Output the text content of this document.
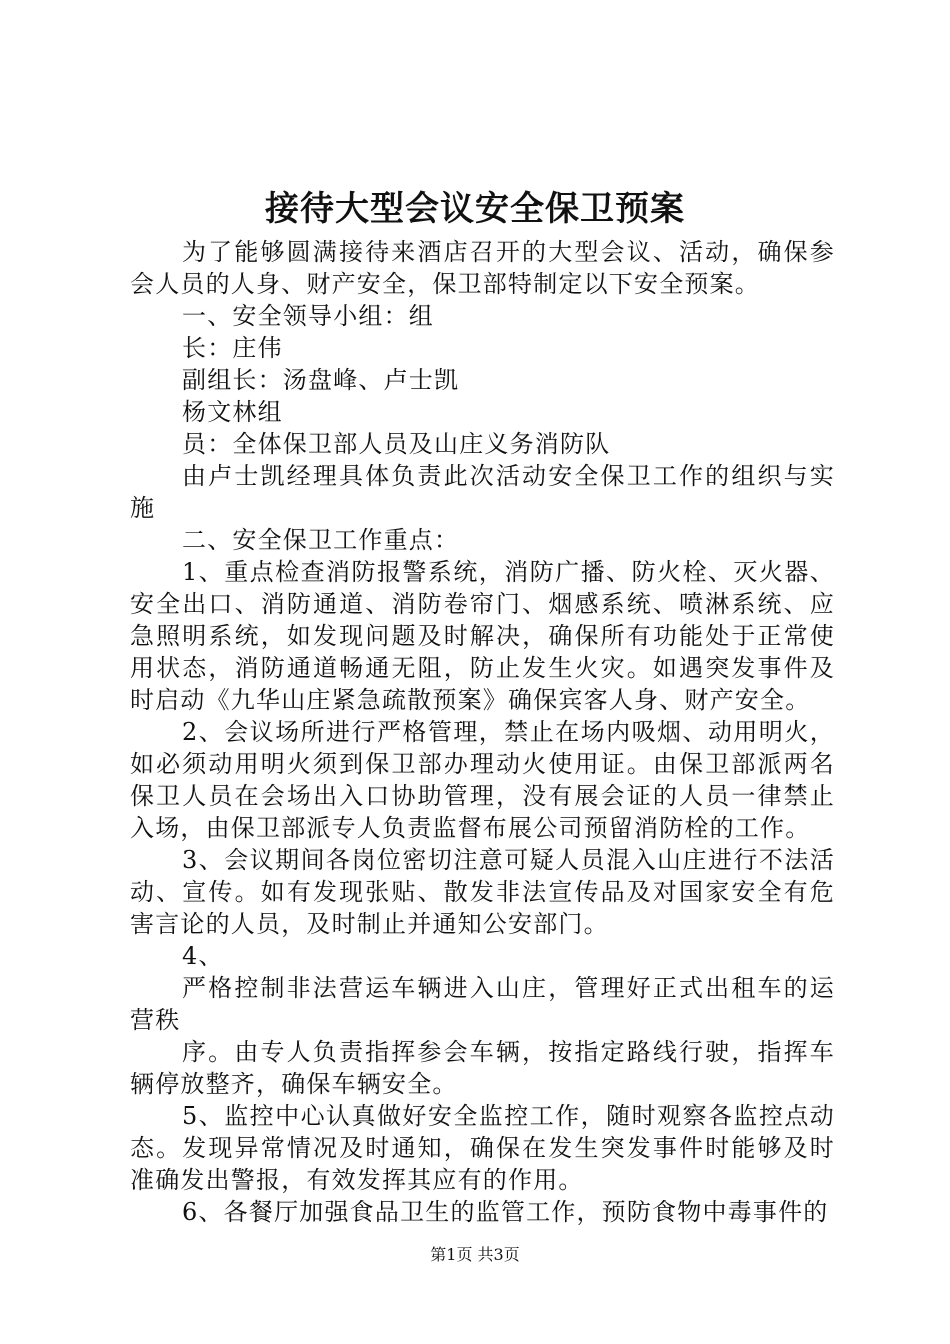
接待大型会议安全保卫预案

为了能够圆满接待来酒店召开的大型会议、活动，确保参会人员的人身、财产安全，保卫部特制定以下安全预案。

一、安全领导小组：组

长：庄伟

副组长：汤盘峰、卢士凯

杨文林组

员：全体保卫部人员及山庄义务消防队

由卢士凯经理具体负责此次活动安全保卫工作的组织与实施

二、安全保卫工作重点：

1、重点检查消防报警系统，消防广播、防火栓、灭火器、安全出口、消防通道、消防卷帘门、烟感系统、喷淋系统、应急照明系统，如发现问题及时解决，确保所有功能处于正常使用状态，消防通道畅通无阻，防止发生火灾。如遇突发事件及时启动《九华山庄紧急疏散预案》确保宾客人身、财产安全。

2、会议场所进行严格管理，禁止在场内吸烟、动用明火，如必须动用明火须到保卫部办理动火使用证。由保卫部派两名保卫人员在会场出入口协助管理，没有展会证的人员一律禁止入场，由保卫部派专人负责监督布展公司预留消防栓的工作。

3、会议期间各岗位密切注意可疑人员混入山庄进行不法活动、宣传。如有发现张贴、散发非法宣传品及对国家安全有危害言论的人员，及时制止并通知公安部门。

4、

严格控制非法营运车辆进入山庄，管理好正式出租车的运营秩

序。由专人负责指挥参会车辆，按指定路线行驶，指挥车辆停放整齐，确保车辆安全。

5、监控中心认真做好安全监控工作，随时观察各监控点动态。发现异常情况及时通知，确保在发生突发事件时能够及时准确发出警报，有效发挥其应有的作用。

6、各餐厅加强食品卫生的监管工作，预防食物中毒事件的

第1页 共3页
